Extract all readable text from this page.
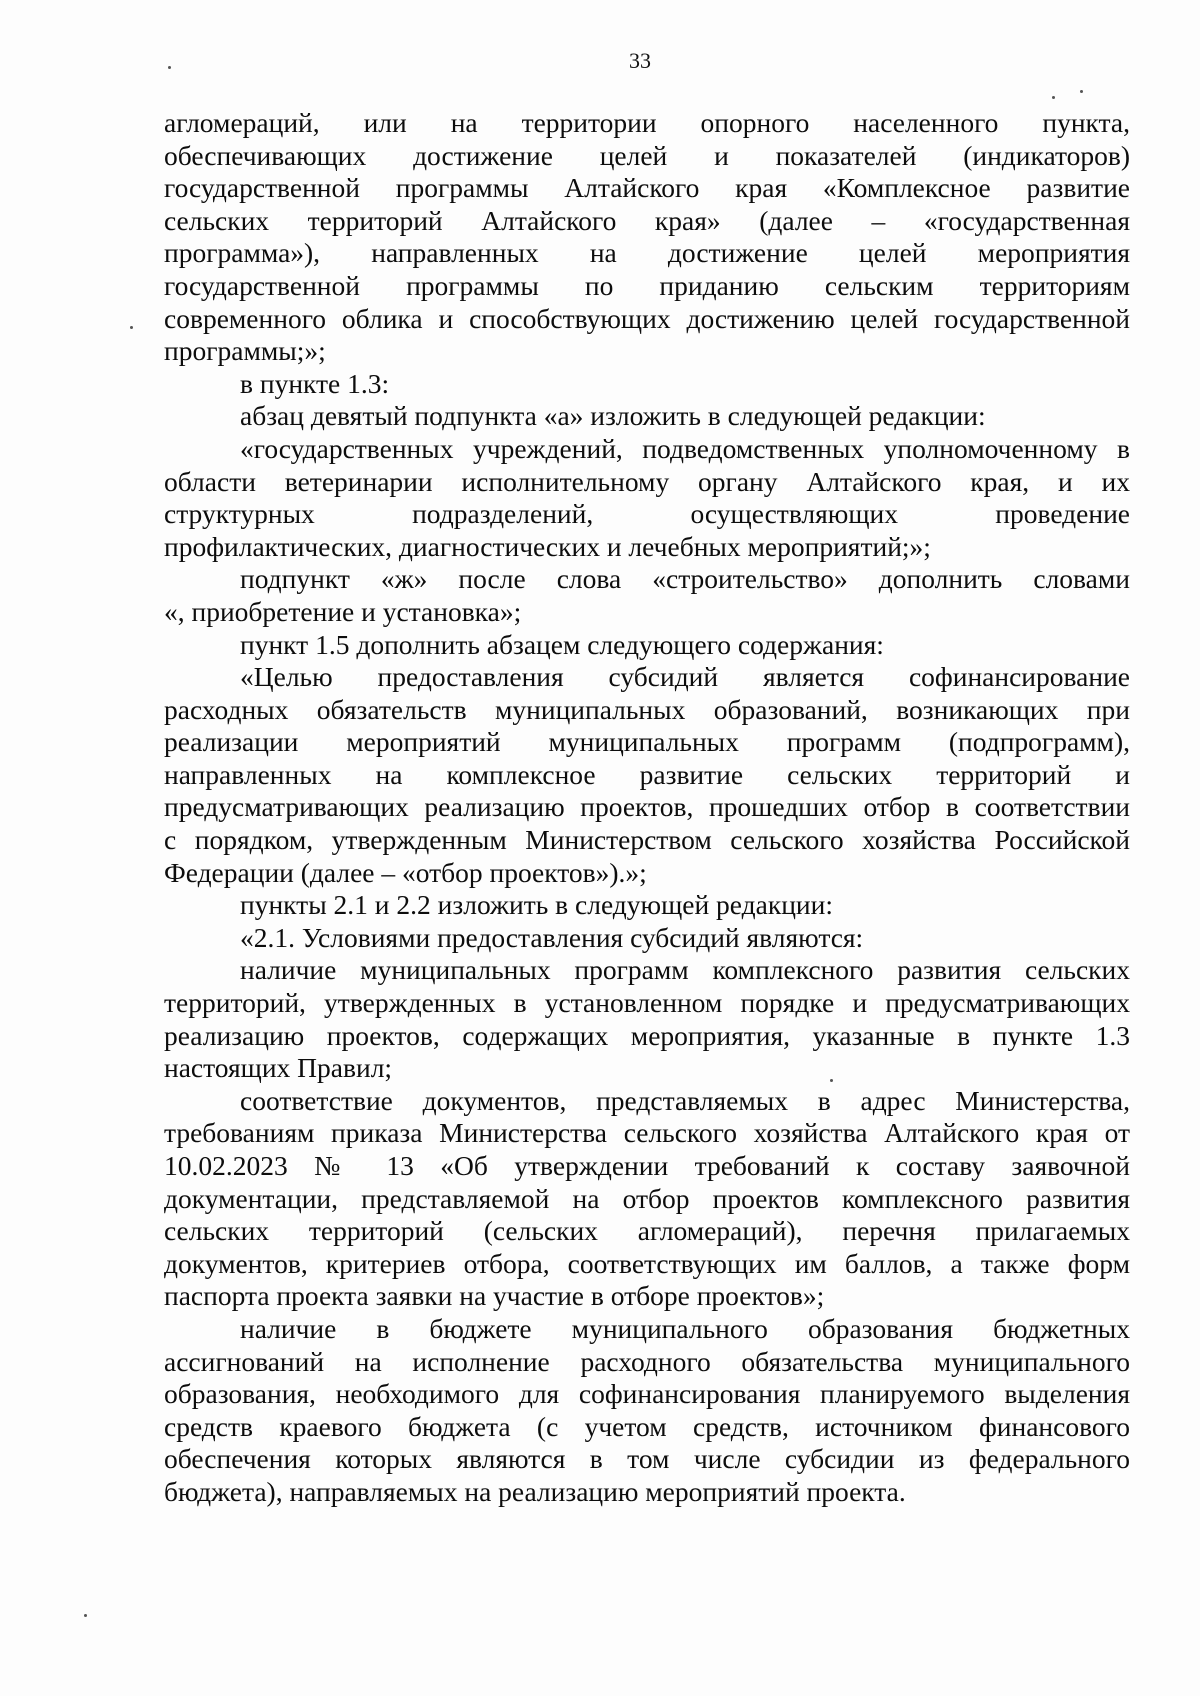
33
агломераций, или на территории опорного населенного пункта,
обеспечивающих достижение целей и показателей (индикаторов)
государственной программы Алтайского края «Комплексное развитие
сельских территорий Алтайского края» (далее – «государственная
программа»), направленных на достижение целей мероприятия
государственной программы по приданию сельским территориям
современного облика и способствующих достижению целей государственной
программы;»;
в пункте 1.3:
абзац девятый подпункта «а» изложить в следующей редакции:
«государственных учреждений, подведомственных уполномоченному в
области ветеринарии исполнительному органу Алтайского края, и их
структурных подразделений, осуществляющих проведение
профилактических, диагностических и лечебных мероприятий;»;
подпункт «ж» после слова «строительство» дополнить словами
«, приобретение и установка»;
пункт 1.5 дополнить абзацем следующего содержания:
«Целью предоставления субсидий является софинансирование
расходных обязательств муниципальных образований, возникающих при
реализации мероприятий муниципальных программ (подпрограмм),
направленных на комплексное развитие сельских территорий и
предусматривающих реализацию проектов, прошедших отбор в соответствии
с порядком, утвержденным Министерством сельского хозяйства Российской
Федерации (далее – «отбор проектов»).»;
пункты 2.1 и 2.2 изложить в следующей редакции:
«2.1. Условиями предоставления субсидий являются:
наличие муниципальных программ комплексного развития сельских
территорий, утвержденных в установленном порядке и предусматривающих
реализацию проектов, содержащих мероприятия, указанные в пункте 1.3
настоящих Правил;
соответствие документов, представляемых в адрес Министерства,
требованиям приказа Министерства сельского хозяйства Алтайского края от
10.02.2023 № 13 «Об утверждении требований к составу заявочной
документации, представляемой на отбор проектов комплексного развития
сельских территорий (сельских агломераций), перечня прилагаемых
документов, критериев отбора, соответствующих им баллов, а также форм
паспорта проекта заявки на участие в отборе проектов»;
наличие в бюджете муниципального образования бюджетных
ассигнований на исполнение расходного обязательства муниципального
образования, необходимого для софинансирования планируемого выделения
средств краевого бюджета (с учетом средств, источником финансового
обеспечения которых являются в том числе субсидии из федерального
бюджета), направляемых на реализацию мероприятий проекта.
